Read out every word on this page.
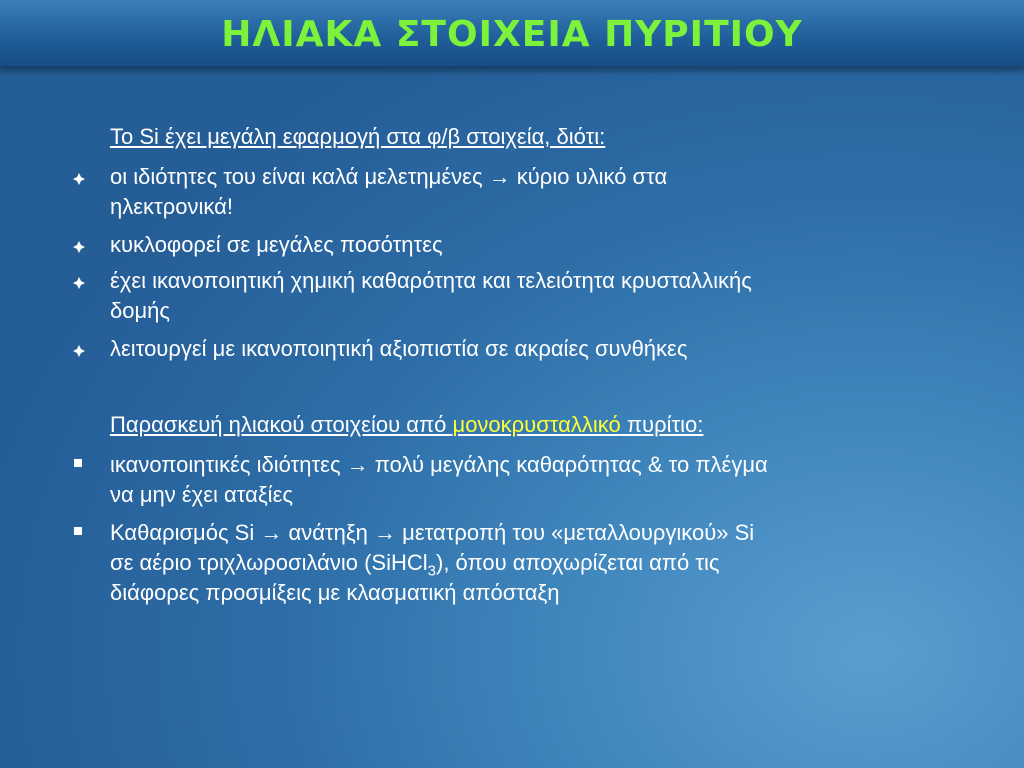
ΗΛΙΑΚΑ ΣΤΟΙΧΕΙΑ ΠΥΡΙΤΙΟΥ
Το Si έχει μεγάλη εφαρμογή στα φ/β στοιχεία, διότι:
οι ιδιότητες του είναι καλά μελετημένες → κύριο υλικό στα
ηλεκτρονικά!
κυκλοφορεί σε μεγάλες ποσότητες
έχει ικανοποιητική χημική καθαρότητα και τελειότητα κρυσταλλικής
δομής
λειτουργεί με ικανοποιητική αξιοπιστία σε ακραίες συνθήκες
Παρασκευή ηλιακού στοιχείου από μονοκρυσταλλικό πυρίτιο:
ικανοποιητικές ιδιότητες → πολύ μεγάλης καθαρότητας & το πλέγμα
να μην έχει αταξίες
Καθαρισμός Si → ανάτηξη → μετατροπή του «μεταλλουργικού» Si
σε αέριο τριχλωροσιλάνιο (SiHCl$_3$), όπου αποχωρίζεται από τις
διάφορες προσμίξεις με κλασματική απόσταξη
